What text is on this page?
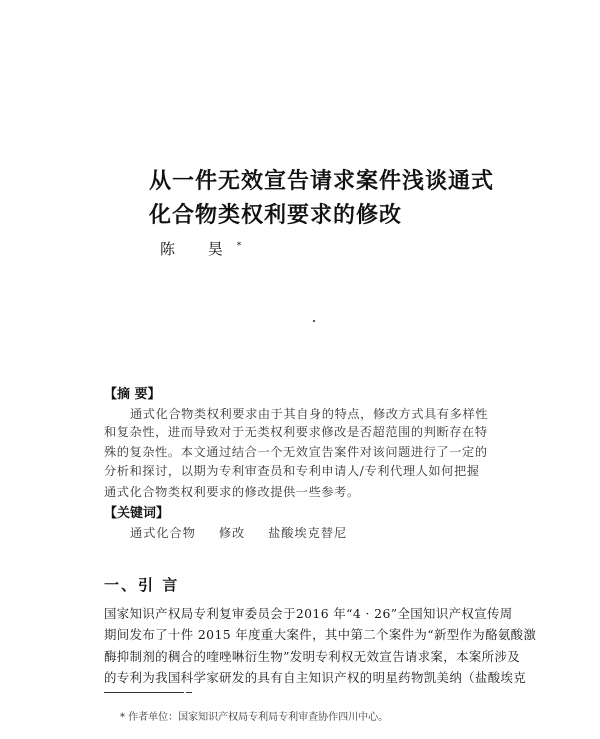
从一件无效宣告请求案件浅谈通式
化合物类权利要求的修改
陈 昊*
【摘 要】
通式化合物类权利要求由于其自身的特点，修改方式具有多样性
和复杂性，进而导致对于无类权利要求修改是否超范围的判断存在特
殊的复杂性。本文通过结合一个无效宣告案件对该问题进行了一定的
分析和探讨，以期为专利审查员和专利申请人/专利代理人如何把握
通式化合物类权利要求的修改提供一些参考。
【关键词】
通式化合物 修改 盐酸埃克替尼
一、引 言
国家知识产权局专利复审委员会于2016 年“4 · 26”全国知识产权宣传周
期间发布了十件 2015 年度重大案件，其中第二个案件为“新型作为酪氨酸激
酶抑制剂的稠合的喹唑啉衍生物”发明专利权无效宣告请求案，本案所涉及
的专利为我国科学家研发的具有自主知识产权的明星药物凯美纳（盐酸埃克
* 作者单位：国家知识产权局专利局专利审查协作四川中心。
